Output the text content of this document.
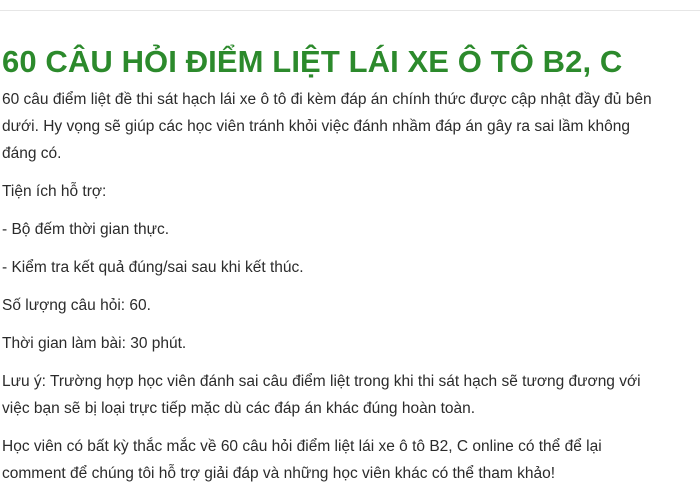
60 CÂU HỎI ĐIỂM LIỆT LÁI XE Ô TÔ B2, C

60 câu điểm liệt đề thi sát hạch lái xe ô tô đi kèm đáp án chính thức được cập nhật đầy đủ bên
dưới. Hy vọng sẽ giúp các học viên tránh khỏi việc đánh nhầm đáp án gây ra sai lầm không
đáng có.

Tiện ích hỗ trợ:

- Bộ đếm thời gian thực.

- Kiểm tra kết quả đúng/sai sau khi kết thúc.

Số lượng câu hỏi: 60.

Thời gian làm bài: 30 phút.

Lưu ý: Trường hợp học viên đánh sai câu điểm liệt trong khi thi sát hạch sẽ tương đương với
việc bạn sẽ bị loại trực tiếp mặc dù các đáp án khác đúng hoàn toàn.

Học viên có bất kỳ thắc mắc về 60 câu hỏi điểm liệt lái xe ô tô B2, C online có thể để lại
comment để chúng tôi hỗ trợ giải đáp và những học viên khác có thể tham khảo!
